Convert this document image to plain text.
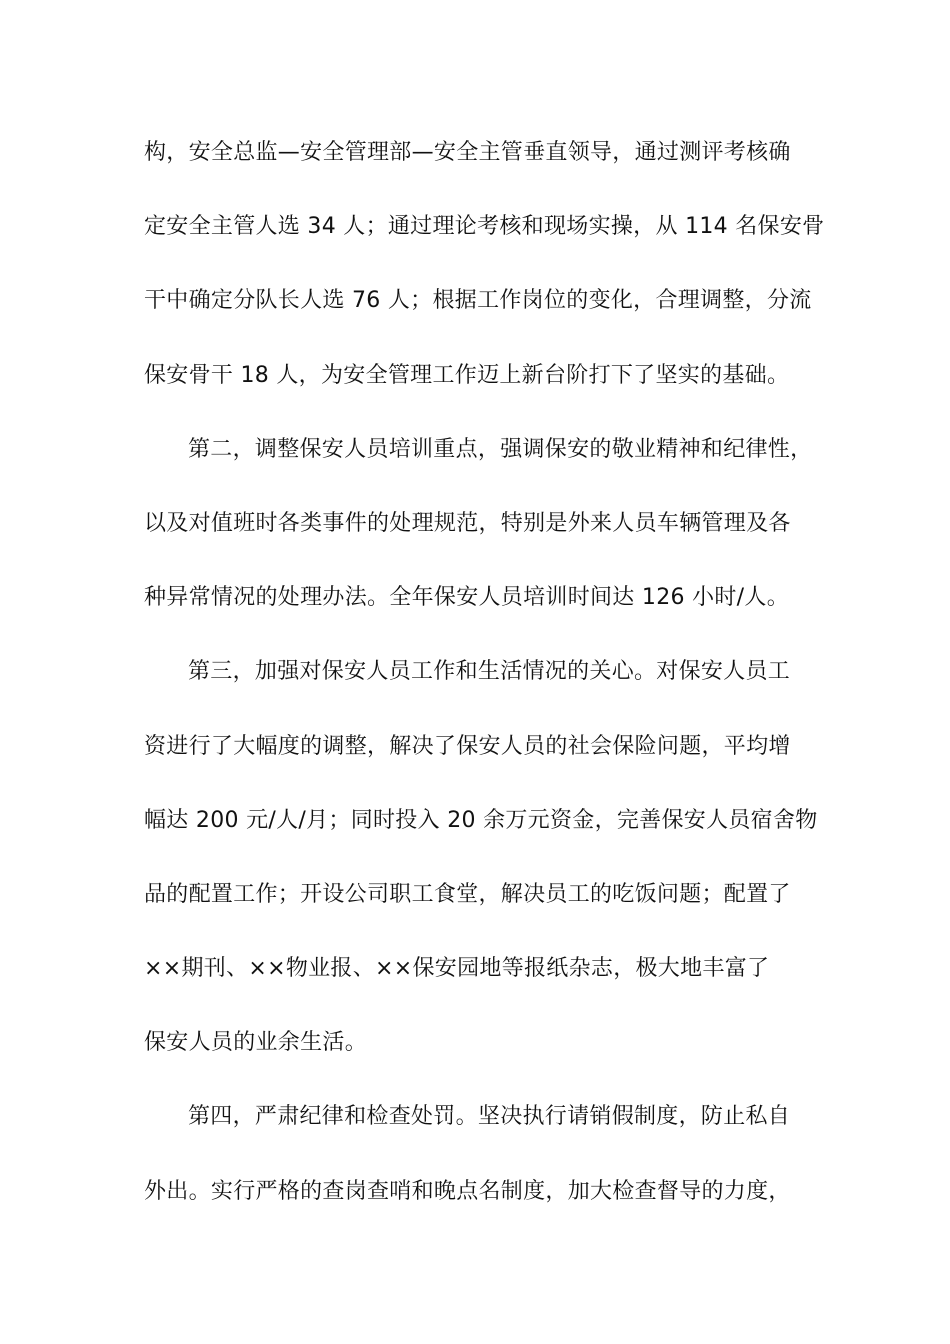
构，安全总监—安全管理部—安全主管垂直领导，通过测评考核确
定安全主管人选 34 人；通过理论考核和现场实操，从 114 名保安骨
干中确定分队长人选 76 人；根据工作岗位的变化，合理调整，分流
保安骨干 18 人，为安全管理工作迈上新台阶打下了坚实的基础。
第二，调整保安人员培训重点，强调保安的敬业精神和纪律性，
以及对值班时各类事件的处理规范，特别是外来人员车辆管理及各
种异常情况的处理办法。全年保安人员培训时间达 126 小时/人。
第三，加强对保安人员工作和生活情况的关心。对保安人员工
资进行了大幅度的调整，解决了保安人员的社会保险问题，平均增
幅达 200 元/人/月；同时投入 20 余万元资金，完善保安人员宿舍物
品的配置工作；开设公司职工食堂，解决员工的吃饭问题；配置了
××期刊、××物业报、××保安园地等报纸杂志，极大地丰富了
保安人员的业余生活。
第四，严肃纪律和检查处罚。坚决执行请销假制度，防止私自
外出。实行严格的查岗查哨和晚点名制度，加大检查督导的力度，
